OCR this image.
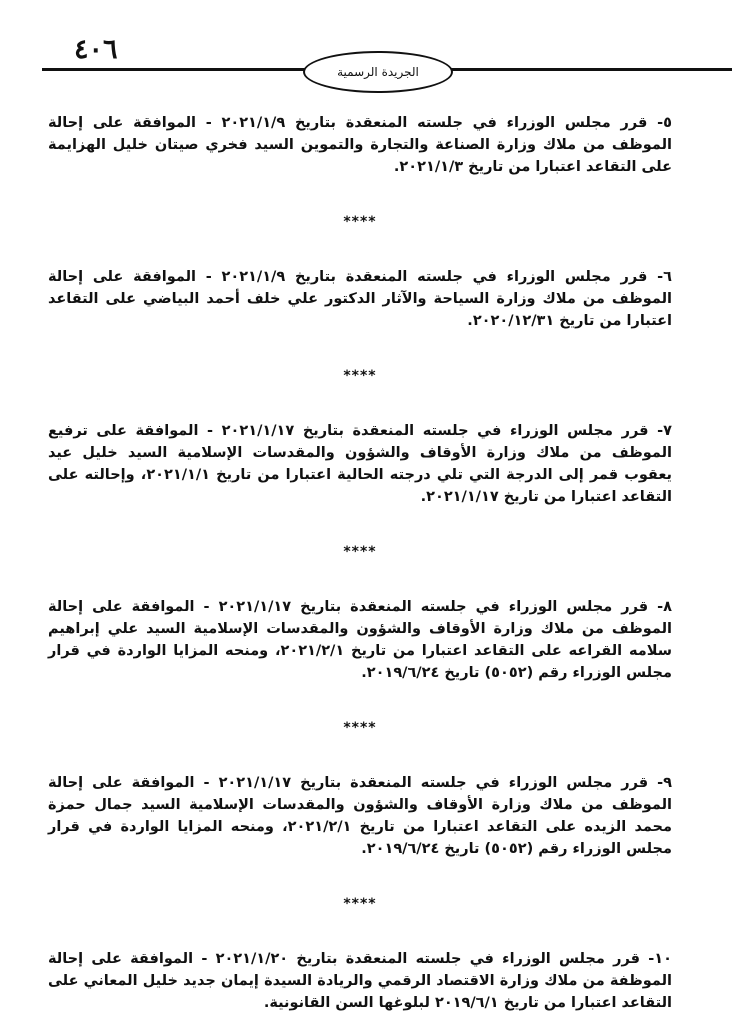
٤٠٦
الجريدة الرسمية

٥- قرر مجلس الوزراء في جلسته المنعقدة بتاريخ ٢٠٢١/١/٩ - الموافقة على إحالة الموظف من ملاك وزارة الصناعة والتجارة والتموين السيد فخري صيتان خليل الهزايمة على التقاعد اعتبارا من تاريخ ٢٠٢١/١/٣.

****

٦- قرر مجلس الوزراء في جلسته المنعقدة بتاريخ ٢٠٢١/١/٩ - الموافقة على إحالة الموظف من ملاك وزارة السياحة والآثار الدكتور علي خلف أحمد البياضي على التقاعد اعتبارا من تاريخ ٢٠٢٠/١٢/٣١.

****

٧- قرر مجلس الوزراء في جلسته المنعقدة بتاريخ ٢٠٢١/١/١٧ - الموافقة على ترفيع الموظف من ملاك وزارة الأوقاف والشؤون والمقدسات الإسلامية السيد خليل عيد يعقوب قمر إلى الدرجة التي تلي درجته الحالية اعتبارا من تاريخ ٢٠٢١/١/١، وإحالته على التقاعد اعتبارا من تاريخ ٢٠٢١/١/١٧.

****

٨- قرر مجلس الوزراء في جلسته المنعقدة بتاريخ ٢٠٢١/١/١٧ - الموافقة على إحالة الموظف من ملاك وزارة الأوقاف والشؤون والمقدسات الإسلامية السيد علي إبراهيم سلامه القراعه على التقاعد اعتبارا من تاريخ ٢٠٢١/٢/١، ومنحه المزايا الواردة في قرار مجلس الوزراء رقم (٥٠٥٢) تاريخ ٢٠١٩/٦/٢٤.

****

٩- قرر مجلس الوزراء في جلسته المنعقدة بتاريخ ٢٠٢١/١/١٧ - الموافقة على إحالة الموظف من ملاك وزارة الأوقاف والشؤون والمقدسات الإسلامية السيد جمال حمزة محمد الزيده على التقاعد اعتبارا من تاريخ ٢٠٢١/٢/١، ومنحه المزايا الواردة في قرار مجلس الوزراء رقم (٥٠٥٢) تاريخ ٢٠١٩/٦/٢٤.

****

١٠- قرر مجلس الوزراء في جلسته المنعقدة بتاريخ ٢٠٢١/١/٢٠ - الموافقة على إحالة الموظفة من ملاك وزارة الاقتصاد الرقمي والريادة السيدة إيمان جديد خليل المعاني على التقاعد اعتبارا من تاريخ ٢٠١٩/٦/١ لبلوغها السن القانونية.
